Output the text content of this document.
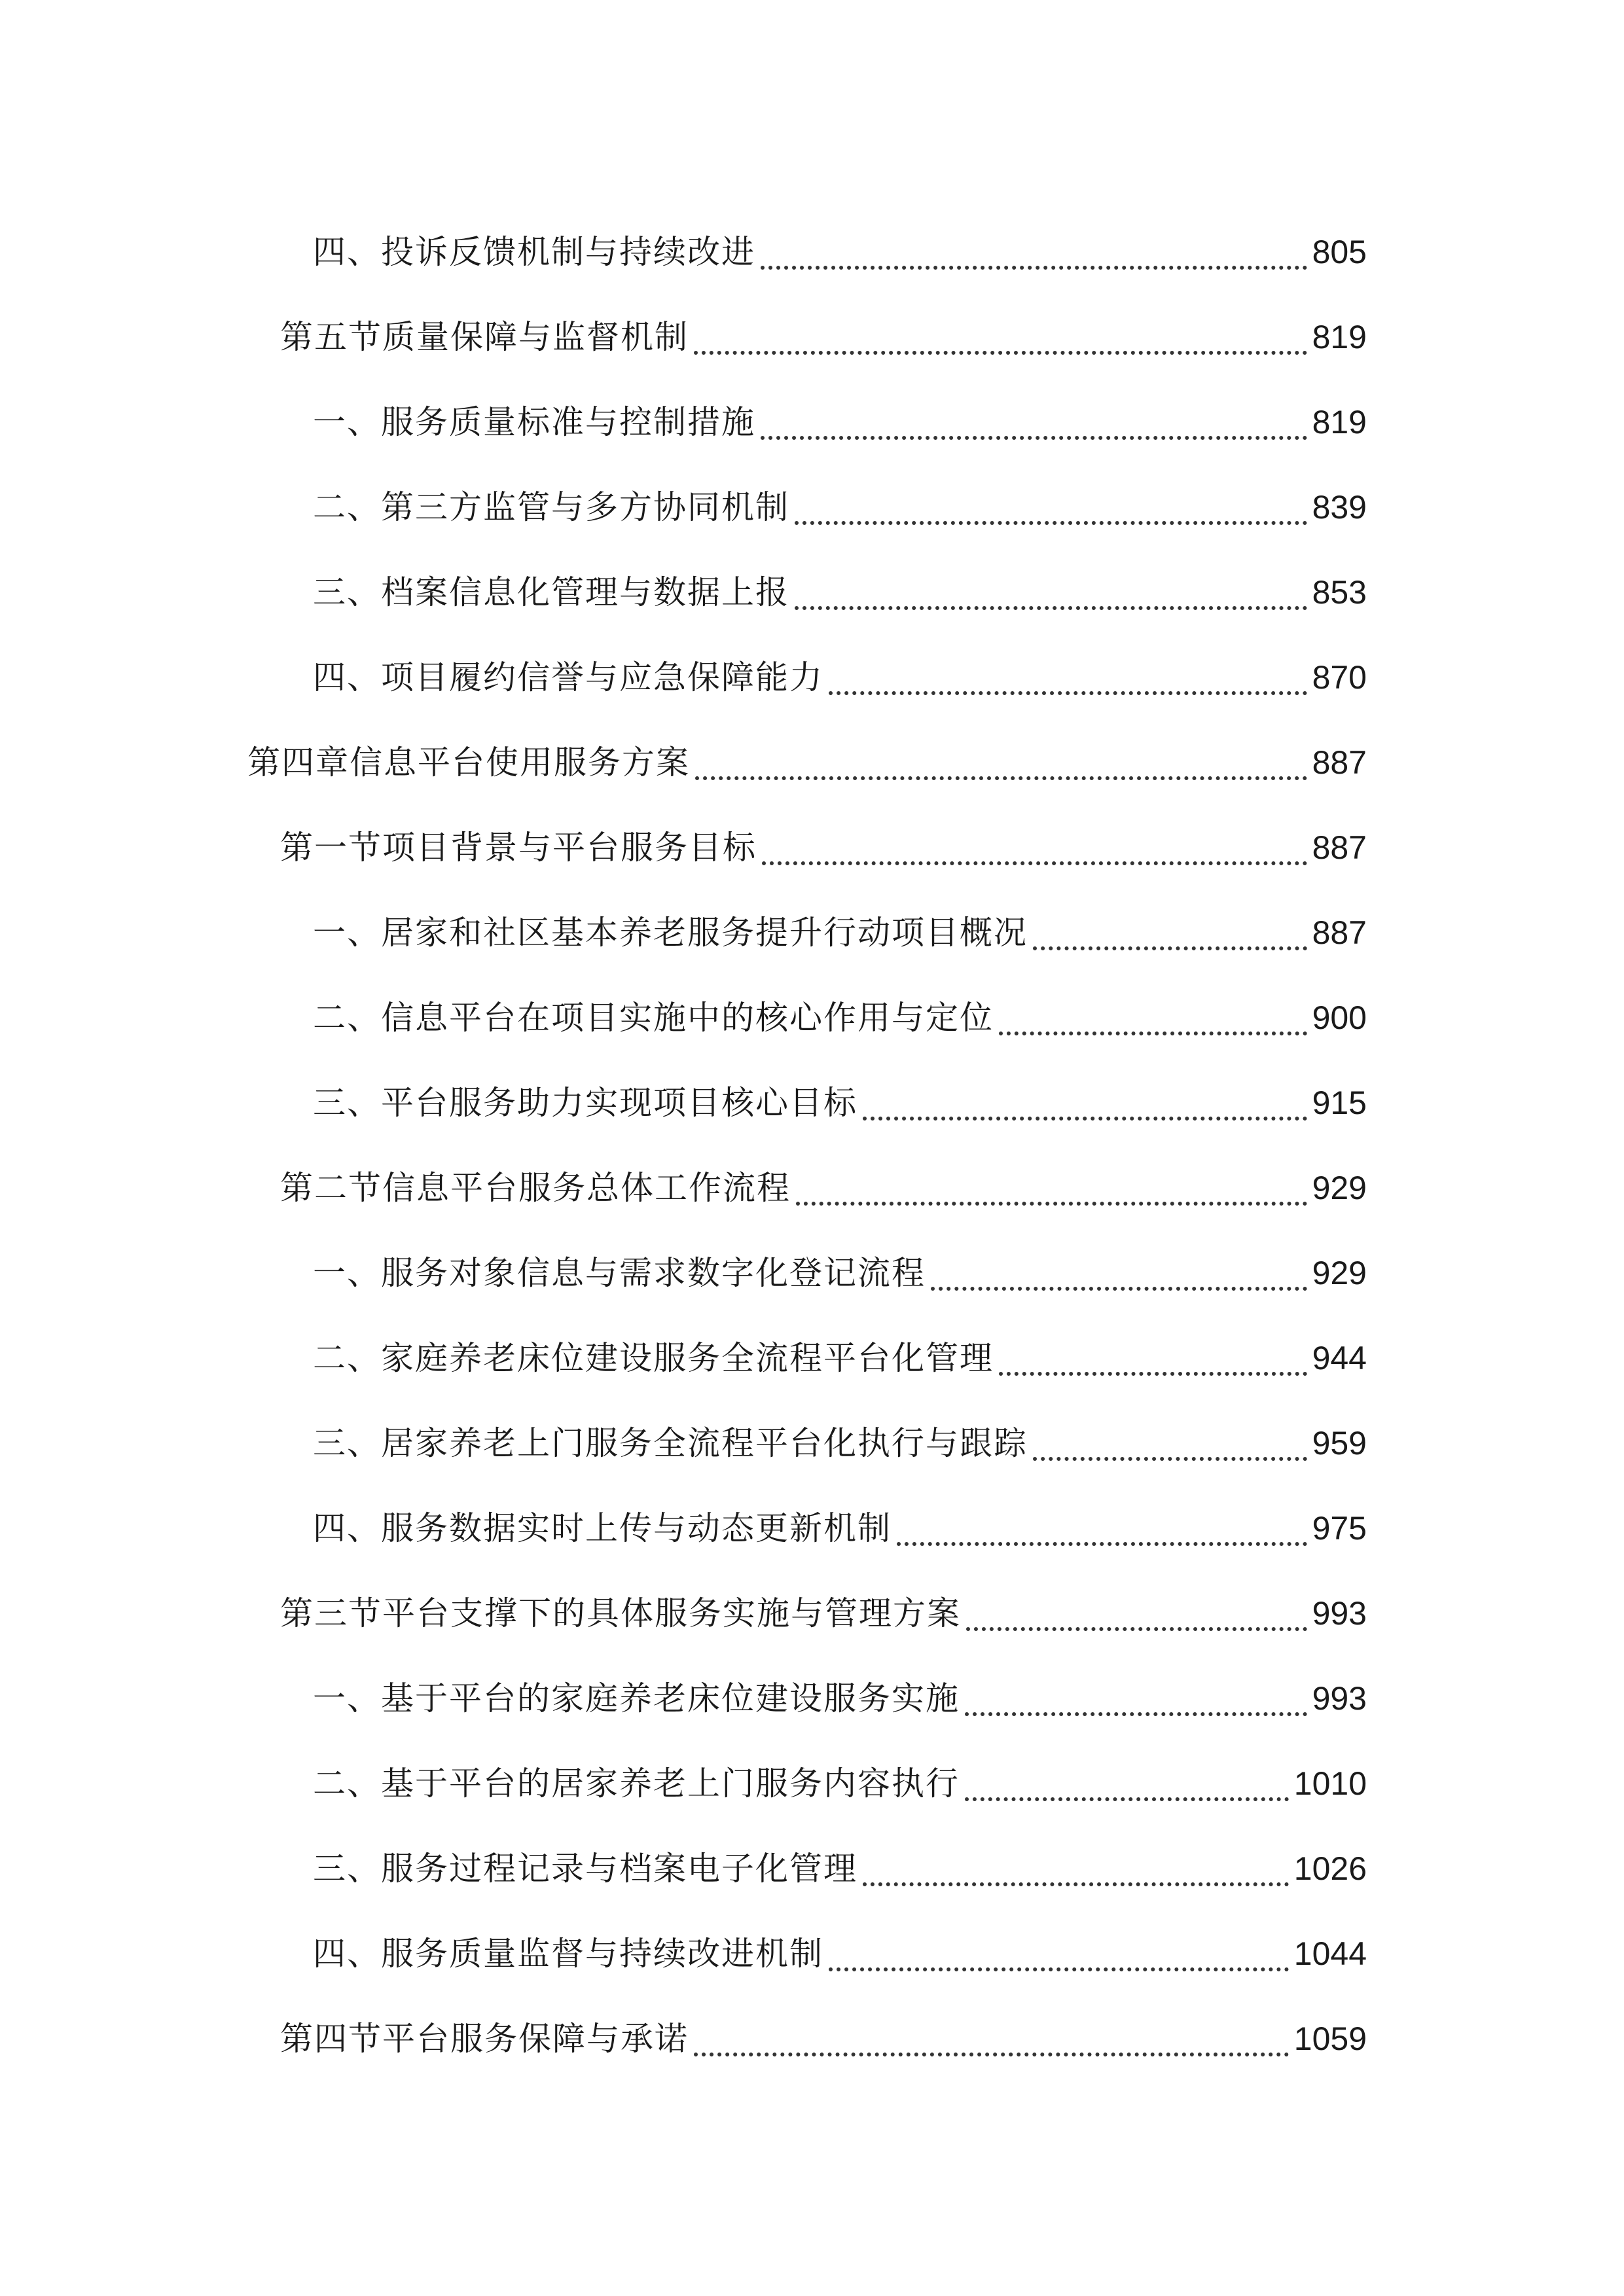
四、投诉反馈机制与持续改进	805
第五节质量保障与监督机制	819
一、服务质量标准与控制措施	819
二、第三方监管与多方协同机制	839
三、档案信息化管理与数据上报	853
四、项目履约信誉与应急保障能力	870
第四章信息平台使用服务方案	887
第一节项目背景与平台服务目标	887
一、居家和社区基本养老服务提升行动项目概况	887
二、信息平台在项目实施中的核心作用与定位	900
三、平台服务助力实现项目核心目标	915
第二节信息平台服务总体工作流程	929
一、服务对象信息与需求数字化登记流程	929
二、家庭养老床位建设服务全流程平台化管理	944
三、居家养老上门服务全流程平台化执行与跟踪	959
四、服务数据实时上传与动态更新机制	975
第三节平台支撑下的具体服务实施与管理方案	993
一、基于平台的家庭养老床位建设服务实施	993
二、基于平台的居家养老上门服务内容执行	1010
三、服务过程记录与档案电子化管理	1026
四、服务质量监督与持续改进机制	1044
第四节平台服务保障与承诺	1059
